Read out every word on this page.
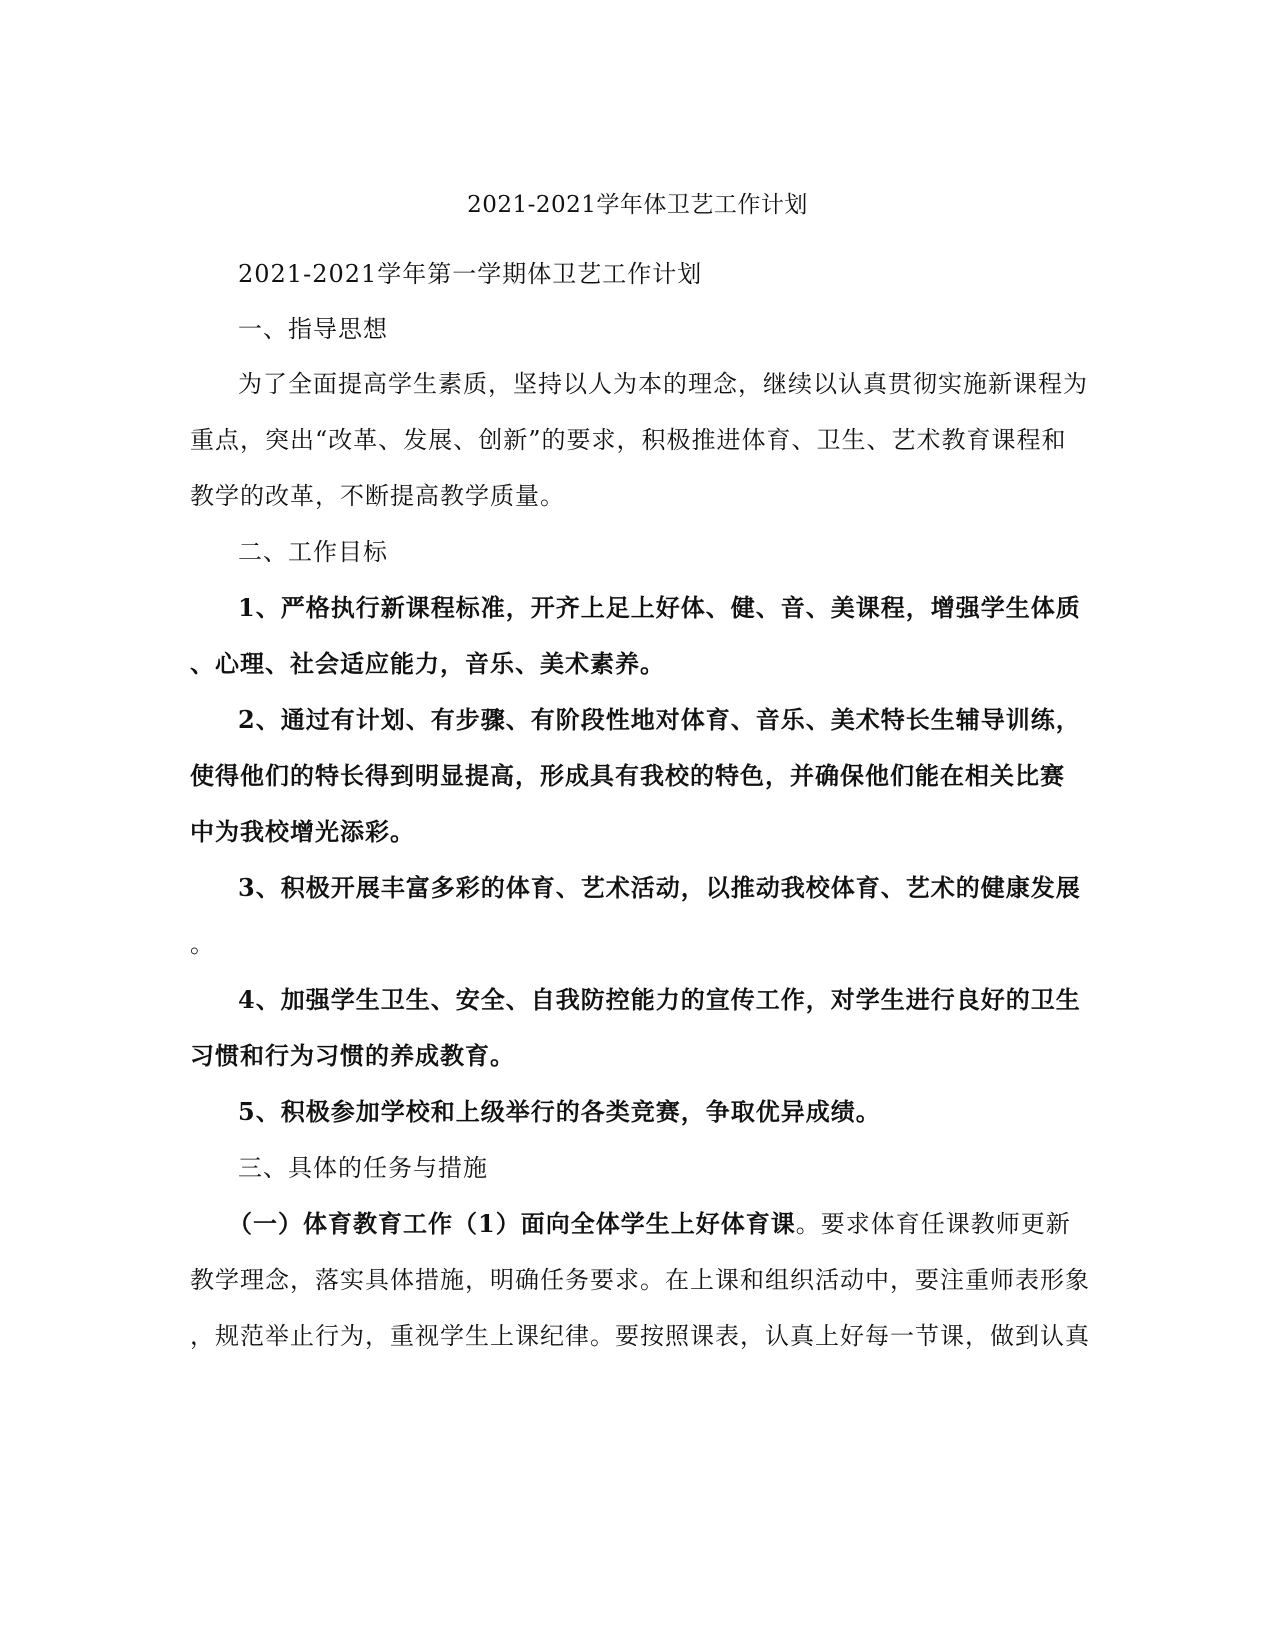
2021-2021学年体卫艺工作计划
2021-2021学年第一学期体卫艺工作计划
一、指导思想
为了全面提高学生素质，坚持以人为本的理念，继续以认真贯彻实施新课程为
重点，突出“改革、发展、创新”的要求，积极推进体育、卫生、艺术教育课程和
教学的改革，不断提高教学质量。
二、工作目标
1、严格执行新课程标准，开齐上足上好体、健、音、美课程，增强学生体质
、心理、社会适应能力，音乐、美术素养。
2、通过有计划、有步骤、有阶段性地对体育、音乐、美术特长生辅导训练，
使得他们的特长得到明显提高，形成具有我校的特色，并确保他们能在相关比赛
中为我校增光添彩。
3、积极开展丰富多彩的体育、艺术活动，以推动我校体育、艺术的健康发展
。
4、加强学生卫生、安全、自我防控能力的宣传工作，对学生进行良好的卫生
习惯和行为习惯的养成教育。
5、积极参加学校和上级举行的各类竞赛，争取优异成绩。
三、具体的任务与措施
（一）体育教育工作（1）面向全体学生上好体育课。要求体育任课教师更新
教学理念，落实具体措施，明确任务要求。在上课和组织活动中，要注重师表形象
，规范举止行为，重视学生上课纪律。要按照课表，认真上好每一节课，做到认真
